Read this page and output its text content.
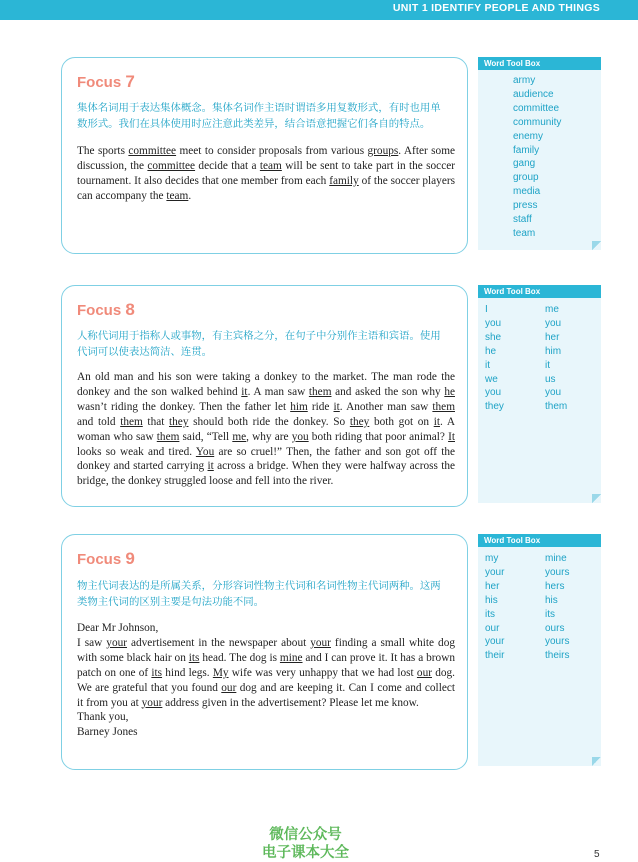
UNIT 1 IDENTIFY PEOPLE AND THINGS
Focus 7
集体名词用于表达集体概念。集体名词作主语时谓语多用复数形式，有时也用单
数形式。我们在具体使用时应注意此类差异，结合语意把握它们各自的特点。

The sports committee meet to consider proposals from various groups. After some discussion, the committee decide that a team will be sent to take part in the soccer tournament. It also decides that one member from each family of the soccer players can accompany the team.

Word Tool Box
army
audience
committee
community
enemy
family
gang
group
media
press
staff
team
Focus 8
人称代词用于指称人或事物，有主宾格之分，在句子中分别作主语和宾语。使用
代词可以使表达简洁、连贯。

An old man and his son were taking a donkey to the market. The man rode the donkey and the son walked behind it. A man saw them and asked the son why he wasn’t riding the donkey. Then the father let him ride it. Another man saw them and told them that they should both ride the donkey. So they both got on it. A woman who saw them said, “Tell me, why are you both riding that poor animal? It looks so weak and tired. You are so cruel!” Then, the father and son got off the donkey and started carrying it across a bridge. When they were halfway across the bridge, the donkey struggled loose and fell into the river.

Word Tool Box
I
you
she
he
it
we
you
they
me
you
her
him
it
us
you
them
Focus 9
物主代词表达的是所属关系，分形容词性物主代词和名词性物主代词两种。这两
类物主代词的区别主要是句法功能不同。

Dear Mr Johnson,

I saw your advertisement in the newspaper about your finding a small white dog with some black hair on its head. The dog is mine and I can prove it. It has a brown patch on one of its hind legs. My wife was very unhappy that we had lost our dog. We are grateful that you found our dog and are keeping it. Can I come and collect it from you at your address given in the advertisement? Please let me know.

Thank you,

Barney Jones

Word Tool Box
my
your
her
his
its
our
your
their
mine
yours
hers
his
its
ours
yours
theirs
微信公众号
电子课本大全	5
